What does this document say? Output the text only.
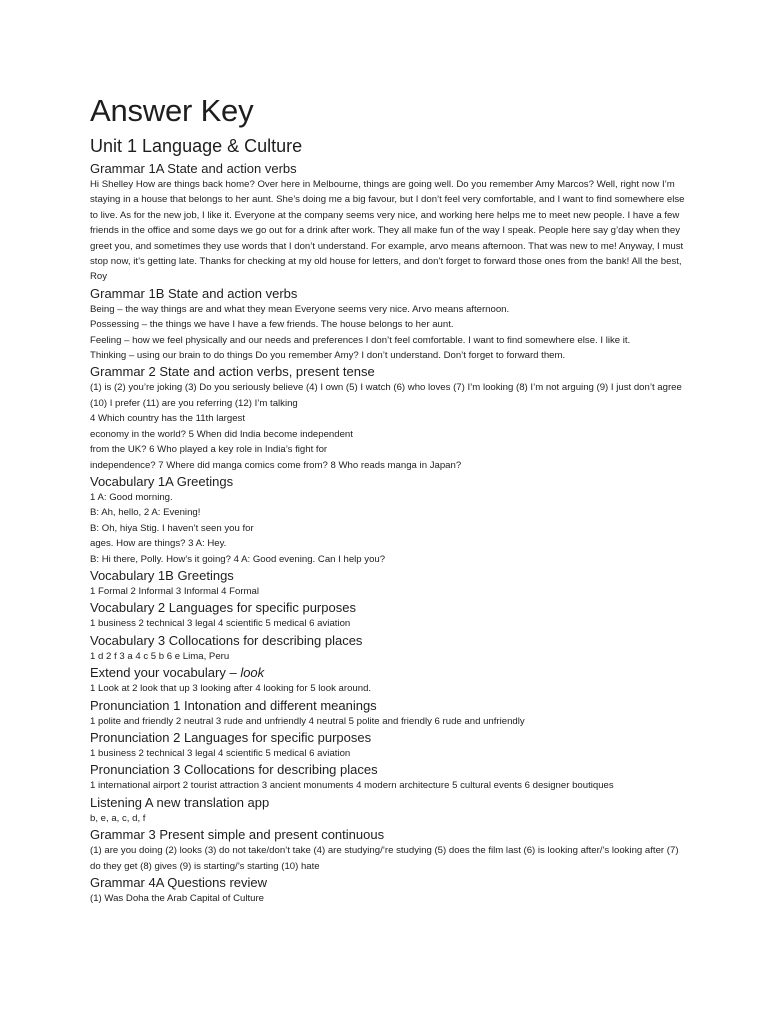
Answer Key
Unit 1 Language & Culture
Grammar 1A State and action verbs

Hi Shelley How are things back home? Over here in Melbourne, things are going well. Do you remember Amy Marcos? Well, right now I’m staying in a house that belongs to her aunt. She’s doing me a big favour, but I don’t feel very comfortable, and I want to find somewhere else to live. As for the new job, I like it. Everyone at the company seems very nice, and working here helps me to meet new people. I have a few friends in the office and some days we go out for a drink after work. They all make fun of the way I speak. People here say g’day when they greet you, and sometimes they use words that I don’t understand. For example, arvo means afternoon. That was new to me! Anyway, I must stop now, it’s getting late. Thanks for checking at my old house for letters, and don’t forget to forward those ones from the bank! All the best, Roy

Grammar 1B State and action verbs

Being – the way things are and what they mean Everyone seems very nice. Arvo means afternoon.

Possessing – the things we have I have a few friends. The house belongs to her aunt.

Feeling – how we feel physically and our needs and preferences I don’t feel comfortable. I want to find somewhere else. I like it.

Thinking – using our brain to do things Do you remember Amy? I don’t understand. Don’t forget to forward them.

Grammar 2 State and action verbs, present tense

(1) is (2) you’re joking (3) Do you seriously believe (4) I own (5) I watch (6) who loves (7) I’m looking (8) I’m not arguing (9) I just don’t agree (10) I prefer (11) are you referring (12) I’m talking

4 Which country has the 11th largest

economy in the world? 5 When did India become independent

from the UK? 6 Who played a key role in India’s fight for

independence? 7 Where did manga comics come from? 8 Who reads manga in Japan?

Vocabulary 1A Greetings

1 A: Good morning.

B: Ah, hello, 2 A: Evening!

B: Oh, hiya Stig. I haven’t seen you for

ages. How are things? 3 A: Hey.

B: Hi there, Polly. How’s it going? 4 A: Good evening. Can I help you?

Vocabulary 1B Greetings

1 Formal 2 Informal 3 Informal 4 Formal

Vocabulary 2 Languages for specific purposes

1 business 2 technical 3 legal 4 scientific 5 medical 6 aviation

Vocabulary 3 Collocations for describing places

1 d 2 f 3 a 4 c 5 b 6 e Lima, Peru

Extend your vocabulary – look

1 Look at 2 look that up 3 looking after 4 looking for 5 look around.

Pronunciation 1 Intonation and different meanings

1 polite and friendly 2 neutral 3 rude and unfriendly 4 neutral 5 polite and friendly 6 rude and unfriendly

Pronunciation 2 Languages for specific purposes

1 business 2 technical 3 legal 4 scientific 5 medical 6 aviation

Pronunciation 3 Collocations for describing places

1 international airport 2 tourist attraction 3 ancient monuments 4 modern architecture 5 cultural events 6 designer boutiques

Listening A new translation app

b, e, a, c, d, f

Grammar 3 Present simple and present continuous

(1) are you doing (2) looks (3) do not take/don’t take (4) are studying/’re studying (5) does the film last (6) is looking after/’s looking after (7) do they get (8) gives (9) is starting/’s starting (10) hate

Grammar 4A Questions review

(1) Was Doha the Arab Capital of Culture
